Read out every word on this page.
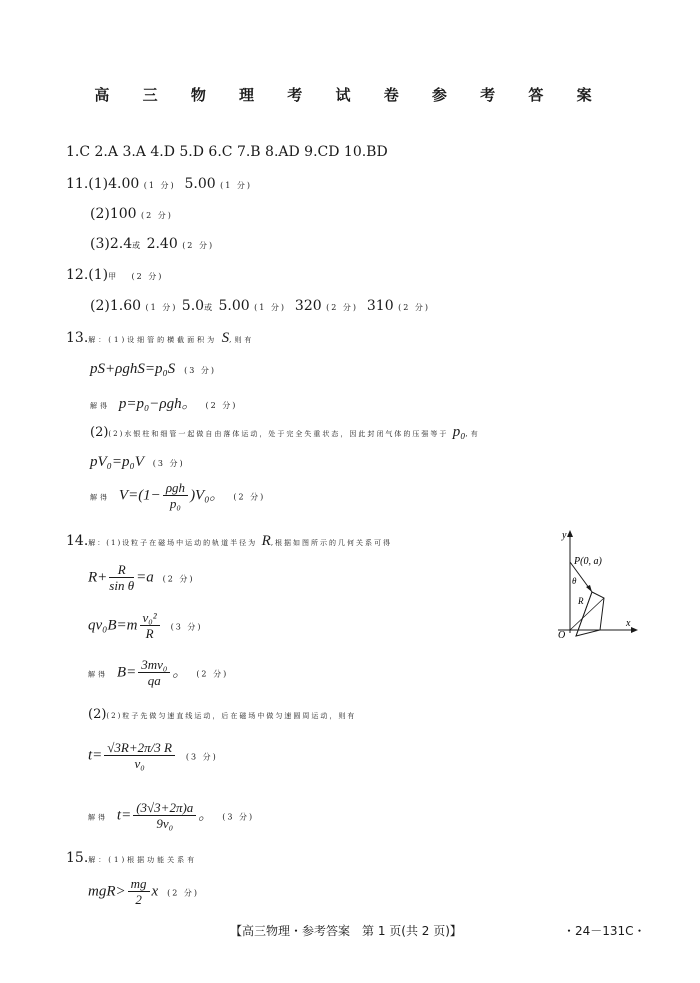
高 三 物 理 考 试 卷 参 考 答 案
1.C 2.A 3.A 4.D 5.D 6.C 7.B 8.AD 9.CD 10.BD
11.(1)4.00 (1 分) 5.00 (1 分)
(2)100 (2 分)
(3)2.4或 2.40 (2 分)
12.(1)甲 (2 分)
(2)1.60 (1 分) 5.0或 5.00 (1 分) 320 (2 分) 310 (2 分)
13.解：(1)设细管的横截面积为 S,则有
pS+ρghS=p₀S (3 分)
解得 p=p₀−ρgh。 (2 分)
(2)(2)水银柱和细管一起做自由落体运动，处于完全失重状态，因此封闭气体的压强等于 p₀,有
pV₀=p₀V (3 分)
解得 $V=(1- \frac{\text{ρgh}}{\text{p₀}} )V_0$。 (2 分)
14.解：(1)设粒子在磁场中运动的轨道半径为 R,根据如图所示的几何关系可得
$R+ \frac{R}{\text{sin θ}} =a$ (2 分)
$qv_0B=m \frac{\text{v₀²}}{R} (3$ 分)
解得 $B= \frac{\text{3mv₀}}{qa}$ 。 (2 分)
(2)(2)粒子先做匀速直线运动，后在磁场中做匀速圆周运动，则有
$t= \frac{√3R+2\pi/3 R}{\text{v₀}} (3$ 分)
解得 $t= \frac{(3√3+2\pi)a}{\text{9v₀}}$ 。 (3 分)
15.解：(1)根据功能关系有
$mgR> \frac{mg}{2}$ x (2 分)
y
x
O
P(0, a)
θ
R
【高三物理・参考答案　第 1 页(共 2 页)】	・24－131C・
